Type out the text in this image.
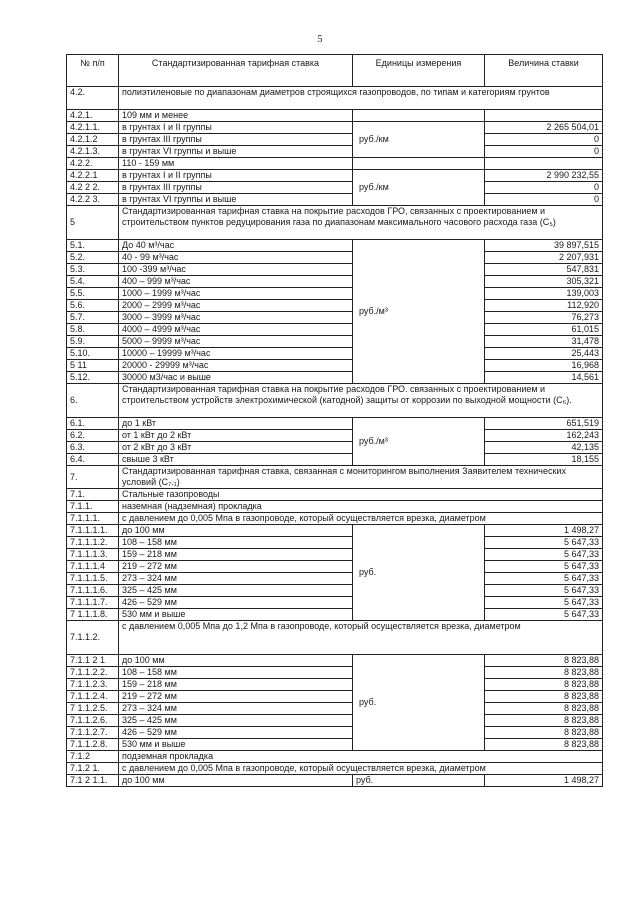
5
№ п/п	Стандартизированная тарифная ставка	Единицы измерения	Величина ставки
4.2.	полиэтиленовые по диапазонам диаметров строящихся газопроводов, по типам и категориям грунтов		
4.2.1.	109 мм и менее		
4.2.1.1.	в грунтах I и II группы	руб./км	2 265 504,01
4.2.1.2	в грунтах III группы		0
4.2.1.3.	в грунтах VI группы и выше		0
4.2.2.	110 - 159 мм		
4.2.2.1	в грунтах I и II группы	руб./км	2 990 232,55
4.2 2 2.	в грунтах III группы		0
4.2.2 3.	в грунтах VI группы и выше		0
5	Стандартизированная тарифная ставка на покрытие расходов ГРО, связанных с проектированием и строительством пунктов редуцирования газа по диапазонам максимального часового расхода газа (С₅)		
5.1.	До 40 м³/час	руб./м³	39 897,515
5.2.	40 - 99 м³/час		2 207,931
5.3.	100 -399 м³/час		547,831
5.4.	400 – 999 м³/час		305,321
5.5.	1000 – 1999 м³/час		139,003
5.6.	2000 – 2999 м³/час		112,920
5.7.	3000 – 3999 м³/час		76,273
5.8.	4000 – 4999 м³/час		61,015
5.9.	5000 – 9999 м³/час		31,478
5.10.	10000 – 19999 м³/час		25,443
5 11	20000 - 29999 м³/час		16,968
5.12.	30000 м3/час и выше		14,561
6.	Стандартизированная тарифная ставка на покрытие расходов ГРО. связанных с проектированием и строительством устройств электрохимической (катодной) защиты от коррозии по выходной мощности (С₆).		
6.1.	до 1 кВт	руб./м³	651,519
6.2.	от 1 кВт до 2 кВт		162,243
6.3.	от 2 кВт до 3 кВт		42,135
6.4.	свыше 3 кВт		18,155
7.	Стандартизированная тарифная ставка, связанная с мониторингом выполнения Заявителем технических условий (С₇.₁)		
7.1.	Стальные газопроводы		
7.1.1.	наземная (надземная) прокладка		
7.1.1.1.	с давлением до 0,005 Мпа в газопроводе, который осуществляется врезка, диаметром		
7.1.1.1.1.	до 100 мм	руб.	1 498,27
7.1.1.1.2.	108 – 158 мм		5 647,33
7.1.1.1.3.	159 – 218 мм		5 647,33
7.1.1.1.4	219 – 272 мм		5 647,33
7.1.1.1.5.	273 – 324 мм		5 647,33
7.1.1.1.6.	325 – 425 мм		5 647,33
7.1.1.1.7.	426 – 529 мм		5 647,33
7 1.1.1.8.	530 мм и выше		5 647,33
7.1.1.2.	с давлением 0,005 Мпа до 1,2 Мпа в газопроводе, который осуществляется врезка, диаметром		
7.1.1 2 1	до 100 мм	руб.	8 823,88
7.1.1.2.2.	108 – 158 мм		8 823,88
7.1.1.2.3.	159 – 218 мм		8 823,88
7.1.1.2.4.	219 – 272 мм		8 823,88
7 1.1.2.5.	273 – 324 мм		8 823,88
7.1.1.2.6.	325 – 425 мм		8 823,88
7.1.1.2.7.	426 – 529 мм		8 823,88
7.1.1.2.8.	530 мм и выше		8 823,88
7.1.2	подземная прокладка		
7.1.2 1.	с давлением до 0,005 Мпа в газопроводе, который осуществляется врезка, диаметром		
7.1 2 1.1.	до 100 мм	руб.	1 498,27
